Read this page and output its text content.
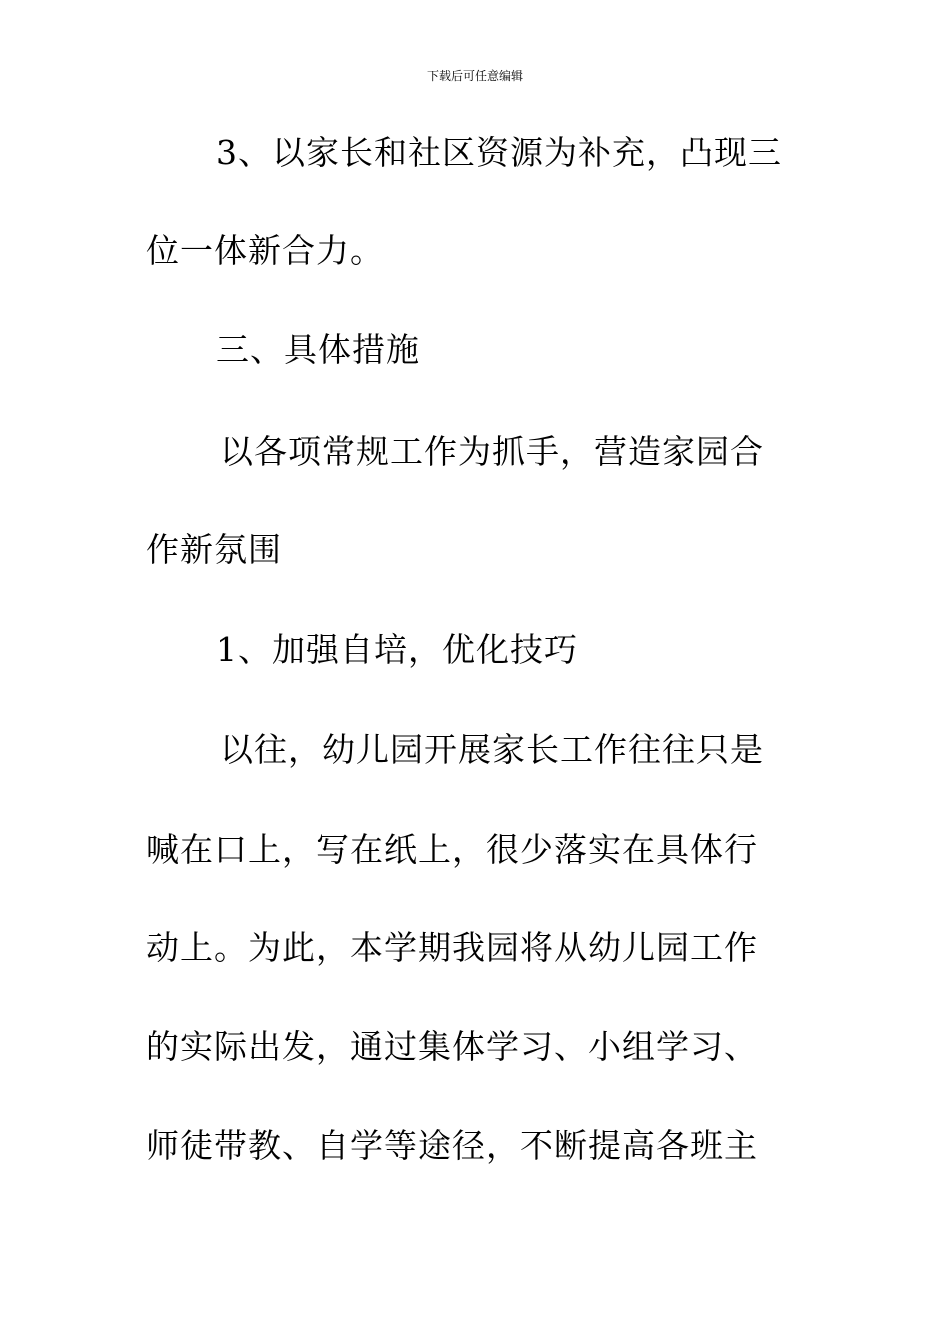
下载后可任意编辑
3、以家长和社区资源为补充，凸现三
位一体新合力。
三、具体措施
以各项常规工作为抓手，营造家园合
作新氛围
1、加强自培，优化技巧
以往，幼儿园开展家长工作往往只是
喊在口上，写在纸上，很少落实在具体行
动上。为此，本学期我园将从幼儿园工作
的实际出发，通过集体学习、小组学习、
师徒带教、自学等途径，不断提高各班主
